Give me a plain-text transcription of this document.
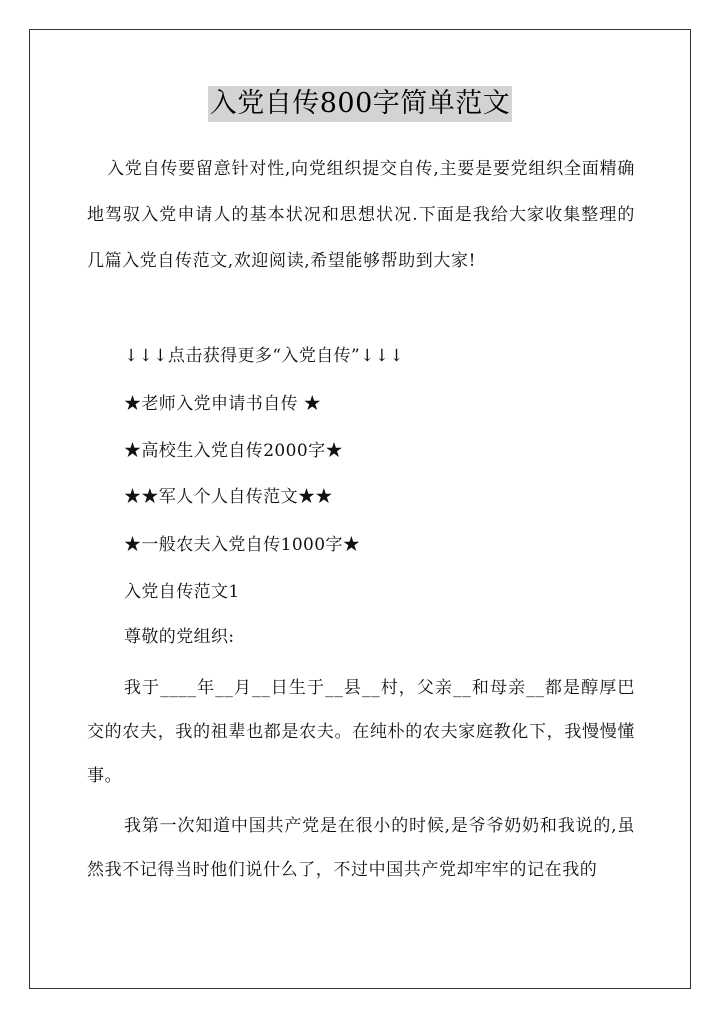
入党自传800字简单范文
入党自传要留意针对性,向党组织提交自传,主要是要党组织全面精确地驾驭入党申请人的基本状况和思想状况.下面是我给大家收集整理的几篇入党自传范文,欢迎阅读,希望能够帮助到大家!
↓↓↓点击获得更多“入党自传”↓↓↓
★老师入党申请书自传 ★
★高校生入党自传2000字★
★★军人个人自传范文★★
★一般农夫入党自传1000字★
入党自传范文1
尊敬的党组织:
我于____年__月__日生于__县__村，父亲__和母亲__都是醇厚巴交的农夫，我的祖辈也都是农夫。在纯朴的农夫家庭教化下，我慢慢懂事。
我第一次知道中国共产党是在很小的时候,是爷爷奶奶和我说的,虽然我不记得当时他们说什么了，不过中国共产党却牢牢的记在我的
